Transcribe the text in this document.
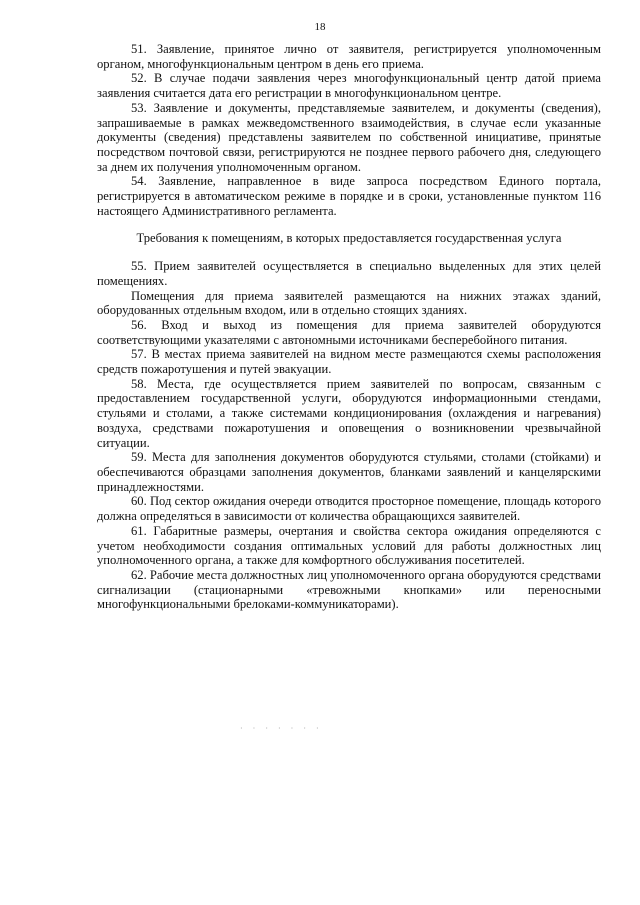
18

51. Заявление, принятое лично от заявителя, регистрируется уполномоченным органом, многофункциональным центром в день его приема.

52. В случае подачи заявления через многофункциональный центр датой приема заявления считается дата его регистрации в многофункциональном центре.

53. Заявление и документы, представляемые заявителем, и документы (сведения), запрашиваемые в рамках межведомственного взаимодействия, в случае если указанные документы (сведения) представлены заявителем по собственной инициативе, принятые посредством почтовой связи, регистрируются не позднее первого рабочего дня, следующего за днем их получения уполномоченным органом.

54. Заявление, направленное в виде запроса посредством Единого портала, регистрируется в автоматическом режиме в порядке и в сроки, установленные пунктом 116 настоящего Административного регламента.

Требования к помещениям, в которых предоставляется государственная услуга

55. Прием заявителей осуществляется в специально выделенных для этих целей помещениях.

Помещения для приема заявителей размещаются на нижних этажах зданий, оборудованных отдельным входом, или в отдельно стоящих зданиях.

56. Вход и выход из помещения для приема заявителей оборудуются соответствующими указателями с автономными источниками бесперебойного питания.

57. В местах приема заявителей на видном месте размещаются схемы расположения средств пожаротушения и путей эвакуации.

58. Места, где осуществляется прием заявителей по вопросам, связанным с предоставлением государственной услуги, оборудуются информационными стендами, стульями и столами, а также системами кондиционирования (охлаждения и нагревания) воздуха, средствами пожаротушения и оповещения о возникновении чрезвычайной ситуации.

59. Места для заполнения документов оборудуются стульями, столами (стойками) и обеспечиваются образцами заполнения документов, бланками заявлений и канцелярскими принадлежностями.

60. Под сектор ожидания очереди отводится просторное помещение, площадь которого должна определяться в зависимости от количества обращающихся заявителей.

61. Габаритные размеры, очертания и свойства сектора ожидания определяются с учетом необходимости создания оптимальных условий для работы должностных лиц уполномоченного органа, а также для комфортного обслуживания посетителей.

62. Рабочие места должностных лиц уполномоченного органа оборудуются средствами сигнализации (стационарными «тревожными кнопками» или переносными многофункциональными брелоками-коммуникаторами).

· · · · · · ·
